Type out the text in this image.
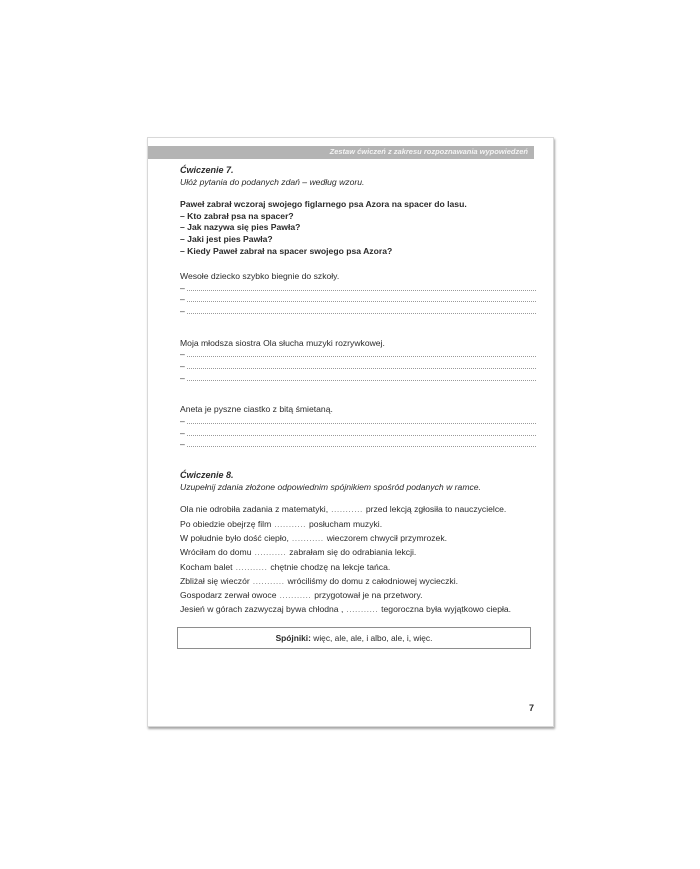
Zestaw ćwiczeń z zakresu rozpoznawania wypowiedzeń
Ćwiczenie 7.
Ułóż pytania do podanych zdań – według wzoru.
Paweł zabrał wczoraj swojego figlarnego psa Azora na spacer do lasu.
– Kto zabrał psa na spacer?
– Jak nazywa się pies Pawła?
– Jaki jest pies Pawła?
– Kiedy Paweł zabrał na spacer swojego psa Azora?
Wesołe dziecko szybko biegnie do szkoły.
–
–
–
Moja młodsza siostra Ola słucha muzyki rozrywkowej.
–
–
–
Aneta je pyszne ciastko z bitą śmietaną.
–
–
–
Ćwiczenie 8.
Uzupełnij zdania złożone odpowiednim spójnikiem spośród podanych w ramce.
Ola nie odrobiła zadania z matematyki, ........... przed lekcją zgłosiła to nauczycielce.
Po obiedzie obejrzę film ........... posłucham muzyki.
W południe było dość ciepło, ........... wieczorem chwycił przymrozek.
Wróciłam do domu ........... zabrałam się do odrabiania lekcji.
Kocham balet ........... chętnie chodzę na lekcje tańca.
Zbliżał się wieczór ........... wróciliśmy do domu z całodniowej wycieczki.
Gospodarz zerwał owoce ........... przygotował je na przetwory.
Jesień w górach zazwyczaj bywa chłodna , ........... tegoroczna była wyjątkowo ciepła.
Spójniki: więc, ale, ale, i albo, ale, i, więc.
7
